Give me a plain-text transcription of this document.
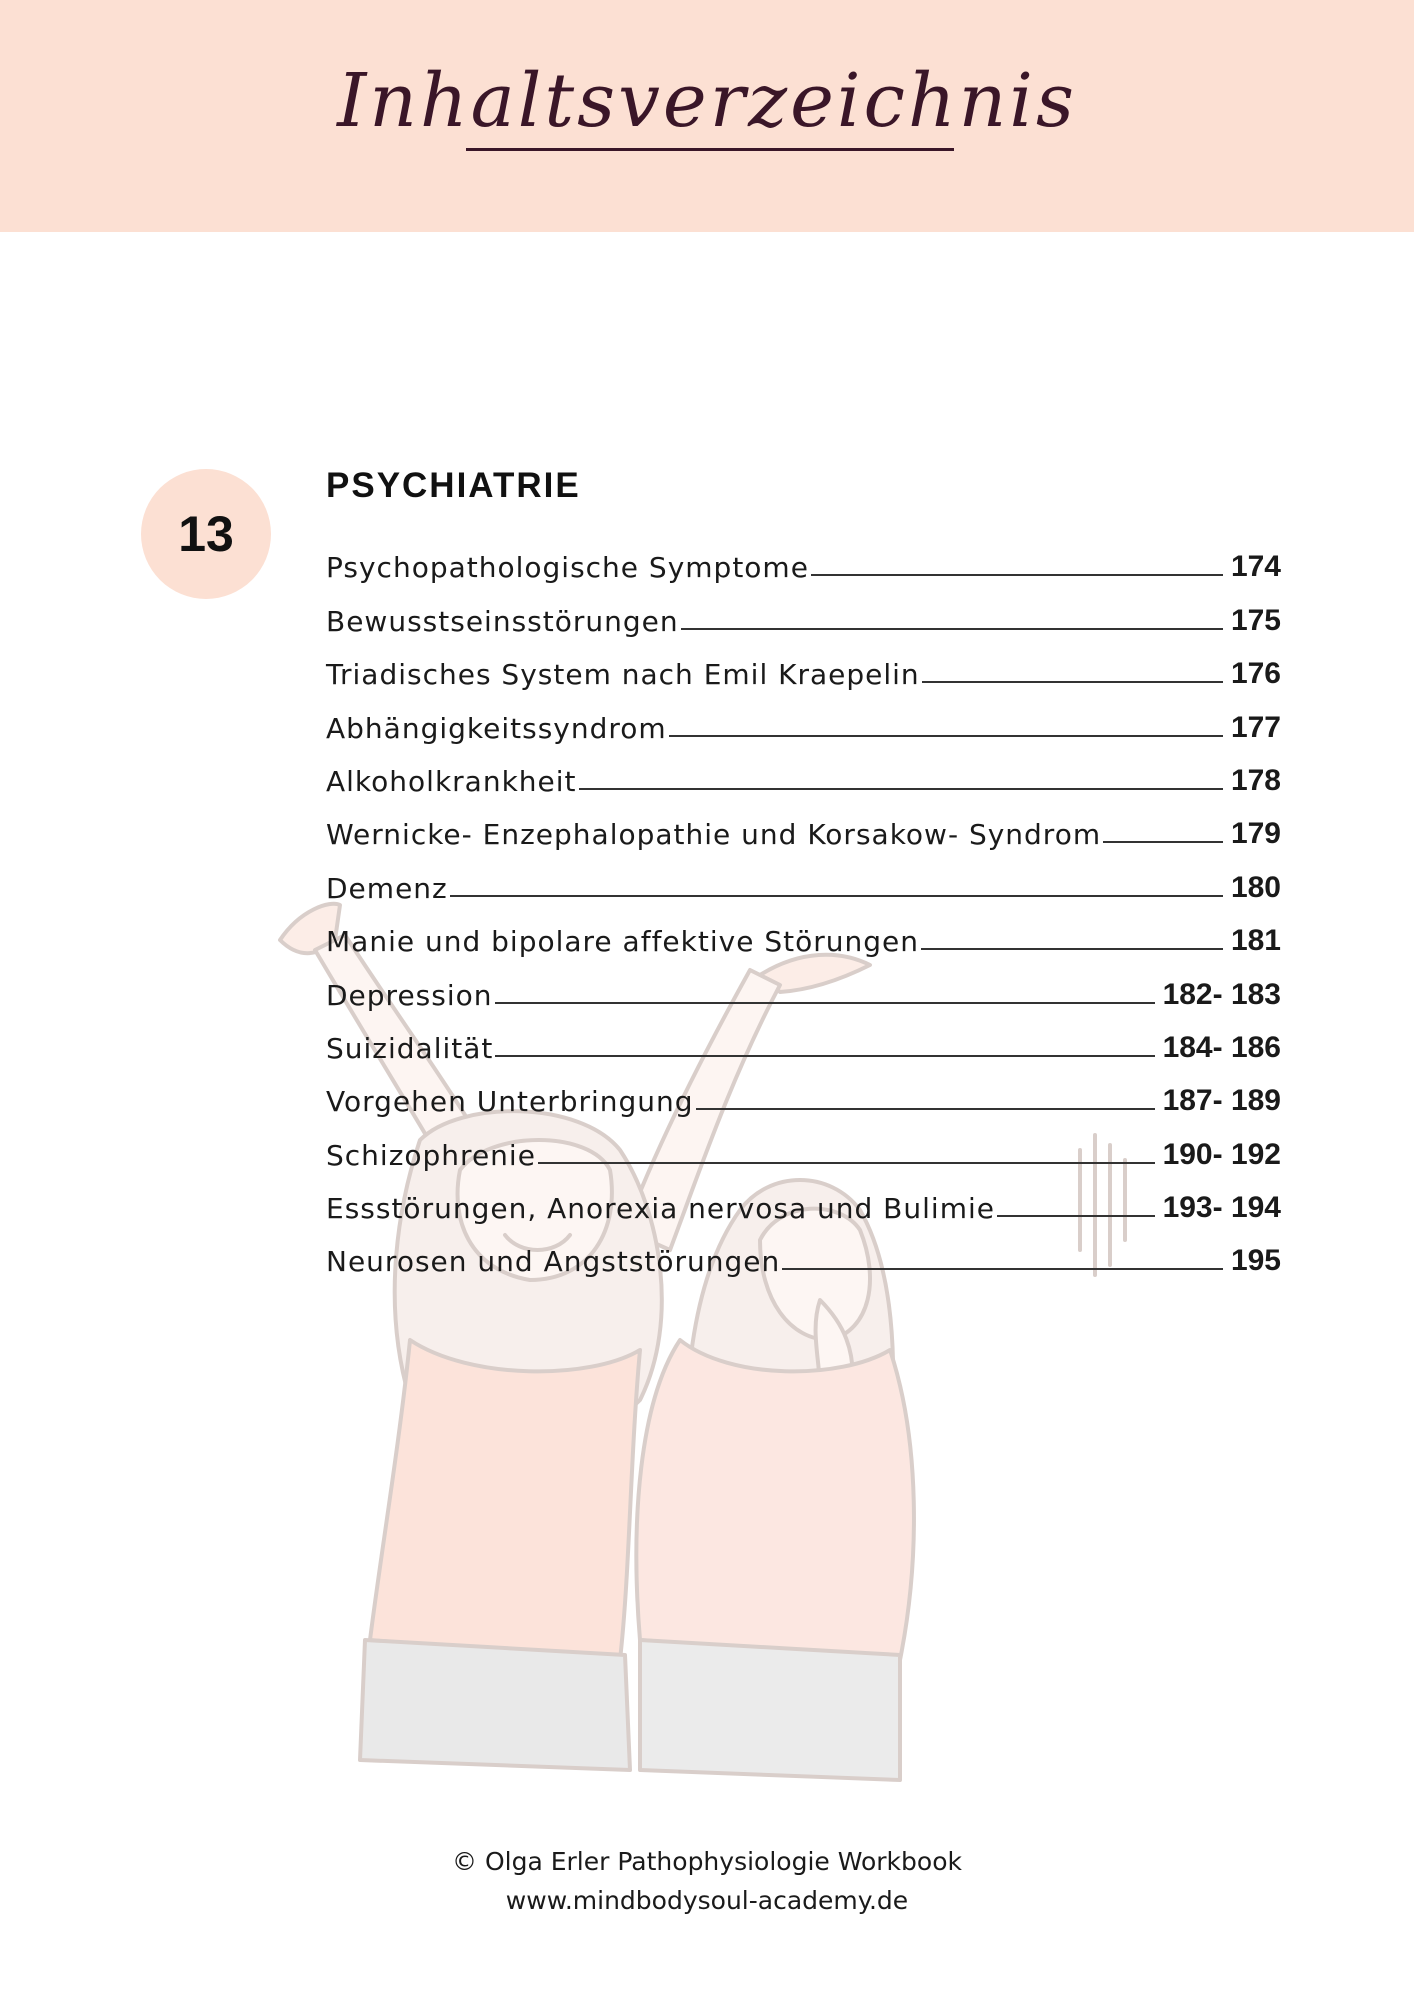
Inhaltsverzeichnis
13
PSYCHIATRIE
Psychopathologische Symptome	174
Bewusstseinsstörungen	175
Triadisches System nach Emil Kraepelin	176
Abhängigkeitssyndrom	177
Alkoholkrankheit	178
Wernicke- Enzephalopathie und Korsakow- Syndrom	179
Demenz	180
Manie und bipolare affektive Störungen	181
Depression	182- 183
Suizidalität	184- 186
Vorgehen Unterbringung	187- 189
Schizophrenie	190- 192
Essstörungen, Anorexia nervosa und Bulimie	193- 194
Neurosen und Angststörungen	195
© Olga Erler Pathophysiologie Workbook
www.mindbodysoul-academy.de
